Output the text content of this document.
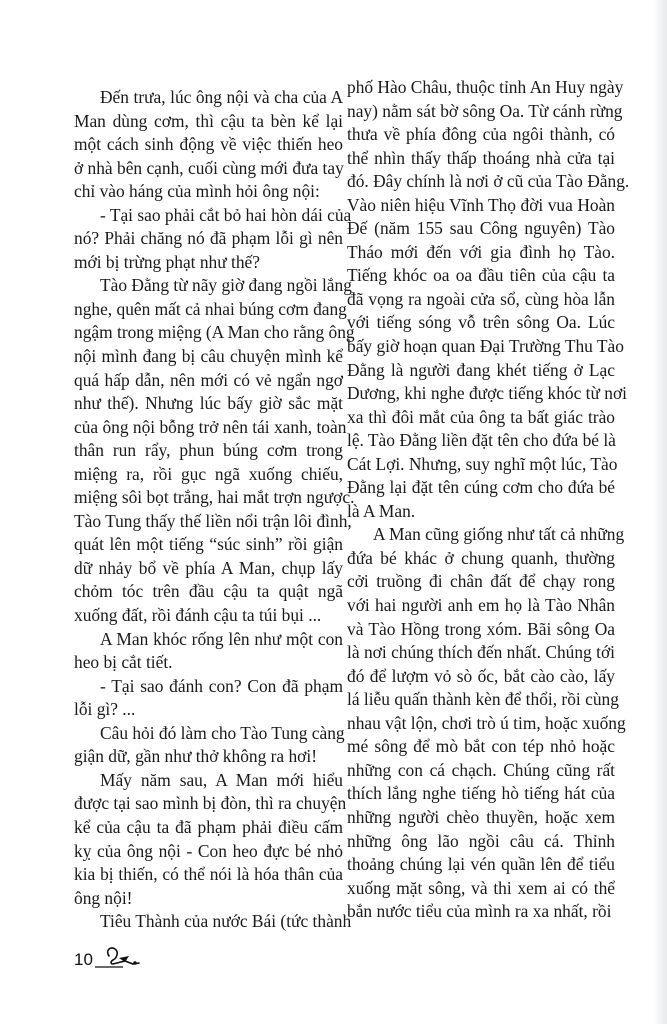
Đến trưa, lúc ông nội và cha của A
Man dùng cơm, thì cậu ta bèn kể lại
một cách sinh động về việc thiến heo
ở nhà bên cạnh, cuối cùng mới đưa tay
chỉ vào háng của mình hỏi ông nội:
- Tại sao phải cắt bỏ hai hòn dái của
nó? Phải chăng nó đã phạm lỗi gì nên
mới bị trừng phạt như thế?
Tào Đằng từ nãy giờ đang ngồi lắng
nghe, quên mất cả nhai búng cơm đang
ngậm trong miệng (A Man cho rằng ông
nội mình đang bị câu chuyện mình kể
quá hấp dẫn, nên mới có vẻ ngẩn ngơ
như thế). Nhưng lúc bấy giờ sắc mặt
của ông nội bỗng trở nên tái xanh, toàn
thân run rẩy, phun búng cơm trong
miệng ra, rồi gục ngã xuống chiếu,
miệng sôi bọt trắng, hai mắt trợn ngược.
Tào Tung thấy thế liền nổi trận lôi đình,
quát lên một tiếng “súc sinh” rồi giận
dữ nhảy bổ về phía A Man, chụp lấy
chỏm tóc trên đầu cậu ta quật ngã
xuống đất, rồi đánh cậu ta túi bụi ...
A Man khóc rống lên như một con
heo bị cắt tiết.
- Tại sao đánh con? Con đã phạm
lỗi gì? ...
Câu hỏi đó làm cho Tào Tung càng
giận dữ, gần như thở không ra hơi!
Mấy năm sau, A Man mới hiểu
được tại sao mình bị đòn, thì ra chuyện
kể của cậu ta đã phạm phải điều cấm
kỵ của ông nội - Con heo đực bé nhỏ
kia bị thiến, có thể nói là hóa thân của
ông nội!
Tiêu Thành của nước Bái (tức thành
phố Hào Châu, thuộc tỉnh An Huy ngày
nay) nằm sát bờ sông Oa. Từ cánh rừng
thưa về phía đông của ngôi thành, có
thể nhìn thấy thấp thoáng nhà cửa tại
đó. Đây chính là nơi ở cũ của Tào Đằng.
Vào niên hiệu Vĩnh Thọ đời vua Hoàn
Đế (năm 155 sau Công nguyên) Tào
Tháo mới đến với gia đình họ Tào.
Tiếng khóc oa oa đầu tiên của cậu ta
đã vọng ra ngoài cửa sổ, cùng hòa lẫn
với tiếng sóng vỗ trên sông Oa. Lúc
bấy giờ hoạn quan Đại Trường Thu Tào
Đằng là người đang khét tiếng ở Lạc
Dương, khi nghe được tiếng khóc từ nơi
xa thì đôi mắt của ông ta bất giác trào
lệ. Tào Đằng liền đặt tên cho đứa bé là
Cát Lợi. Nhưng, suy nghĩ một lúc, Tào
Đằng lại đặt tên cúng cơm cho đứa bé
là A Man.
A Man cũng giống như tất cả những
đứa bé khác ở chung quanh, thường
cởi truồng đi chân đất để chạy rong
với hai người anh em họ là Tào Nhân
và Tào Hồng trong xóm. Bãi sông Oa
là nơi chúng thích đến nhất. Chúng tới
đó để lượm vỏ sò ốc, bắt cào cào, lấy
lá liễu quấn thành kèn để thổi, rồi cùng
nhau vật lộn, chơi trò ú tim, hoặc xuống
mé sông để mò bắt con tép nhỏ hoặc
những con cá chạch. Chúng cũng rất
thích lắng nghe tiếng hò tiếng hát của
những người chèo thuyền, hoặc xem
những ông lão ngồi câu cá. Thỉnh
thoảng chúng lại vén quần lên để tiểu
xuống mặt sông, và thi xem ai có thể
bắn nước tiểu của mình ra xa nhất, rồi
10
